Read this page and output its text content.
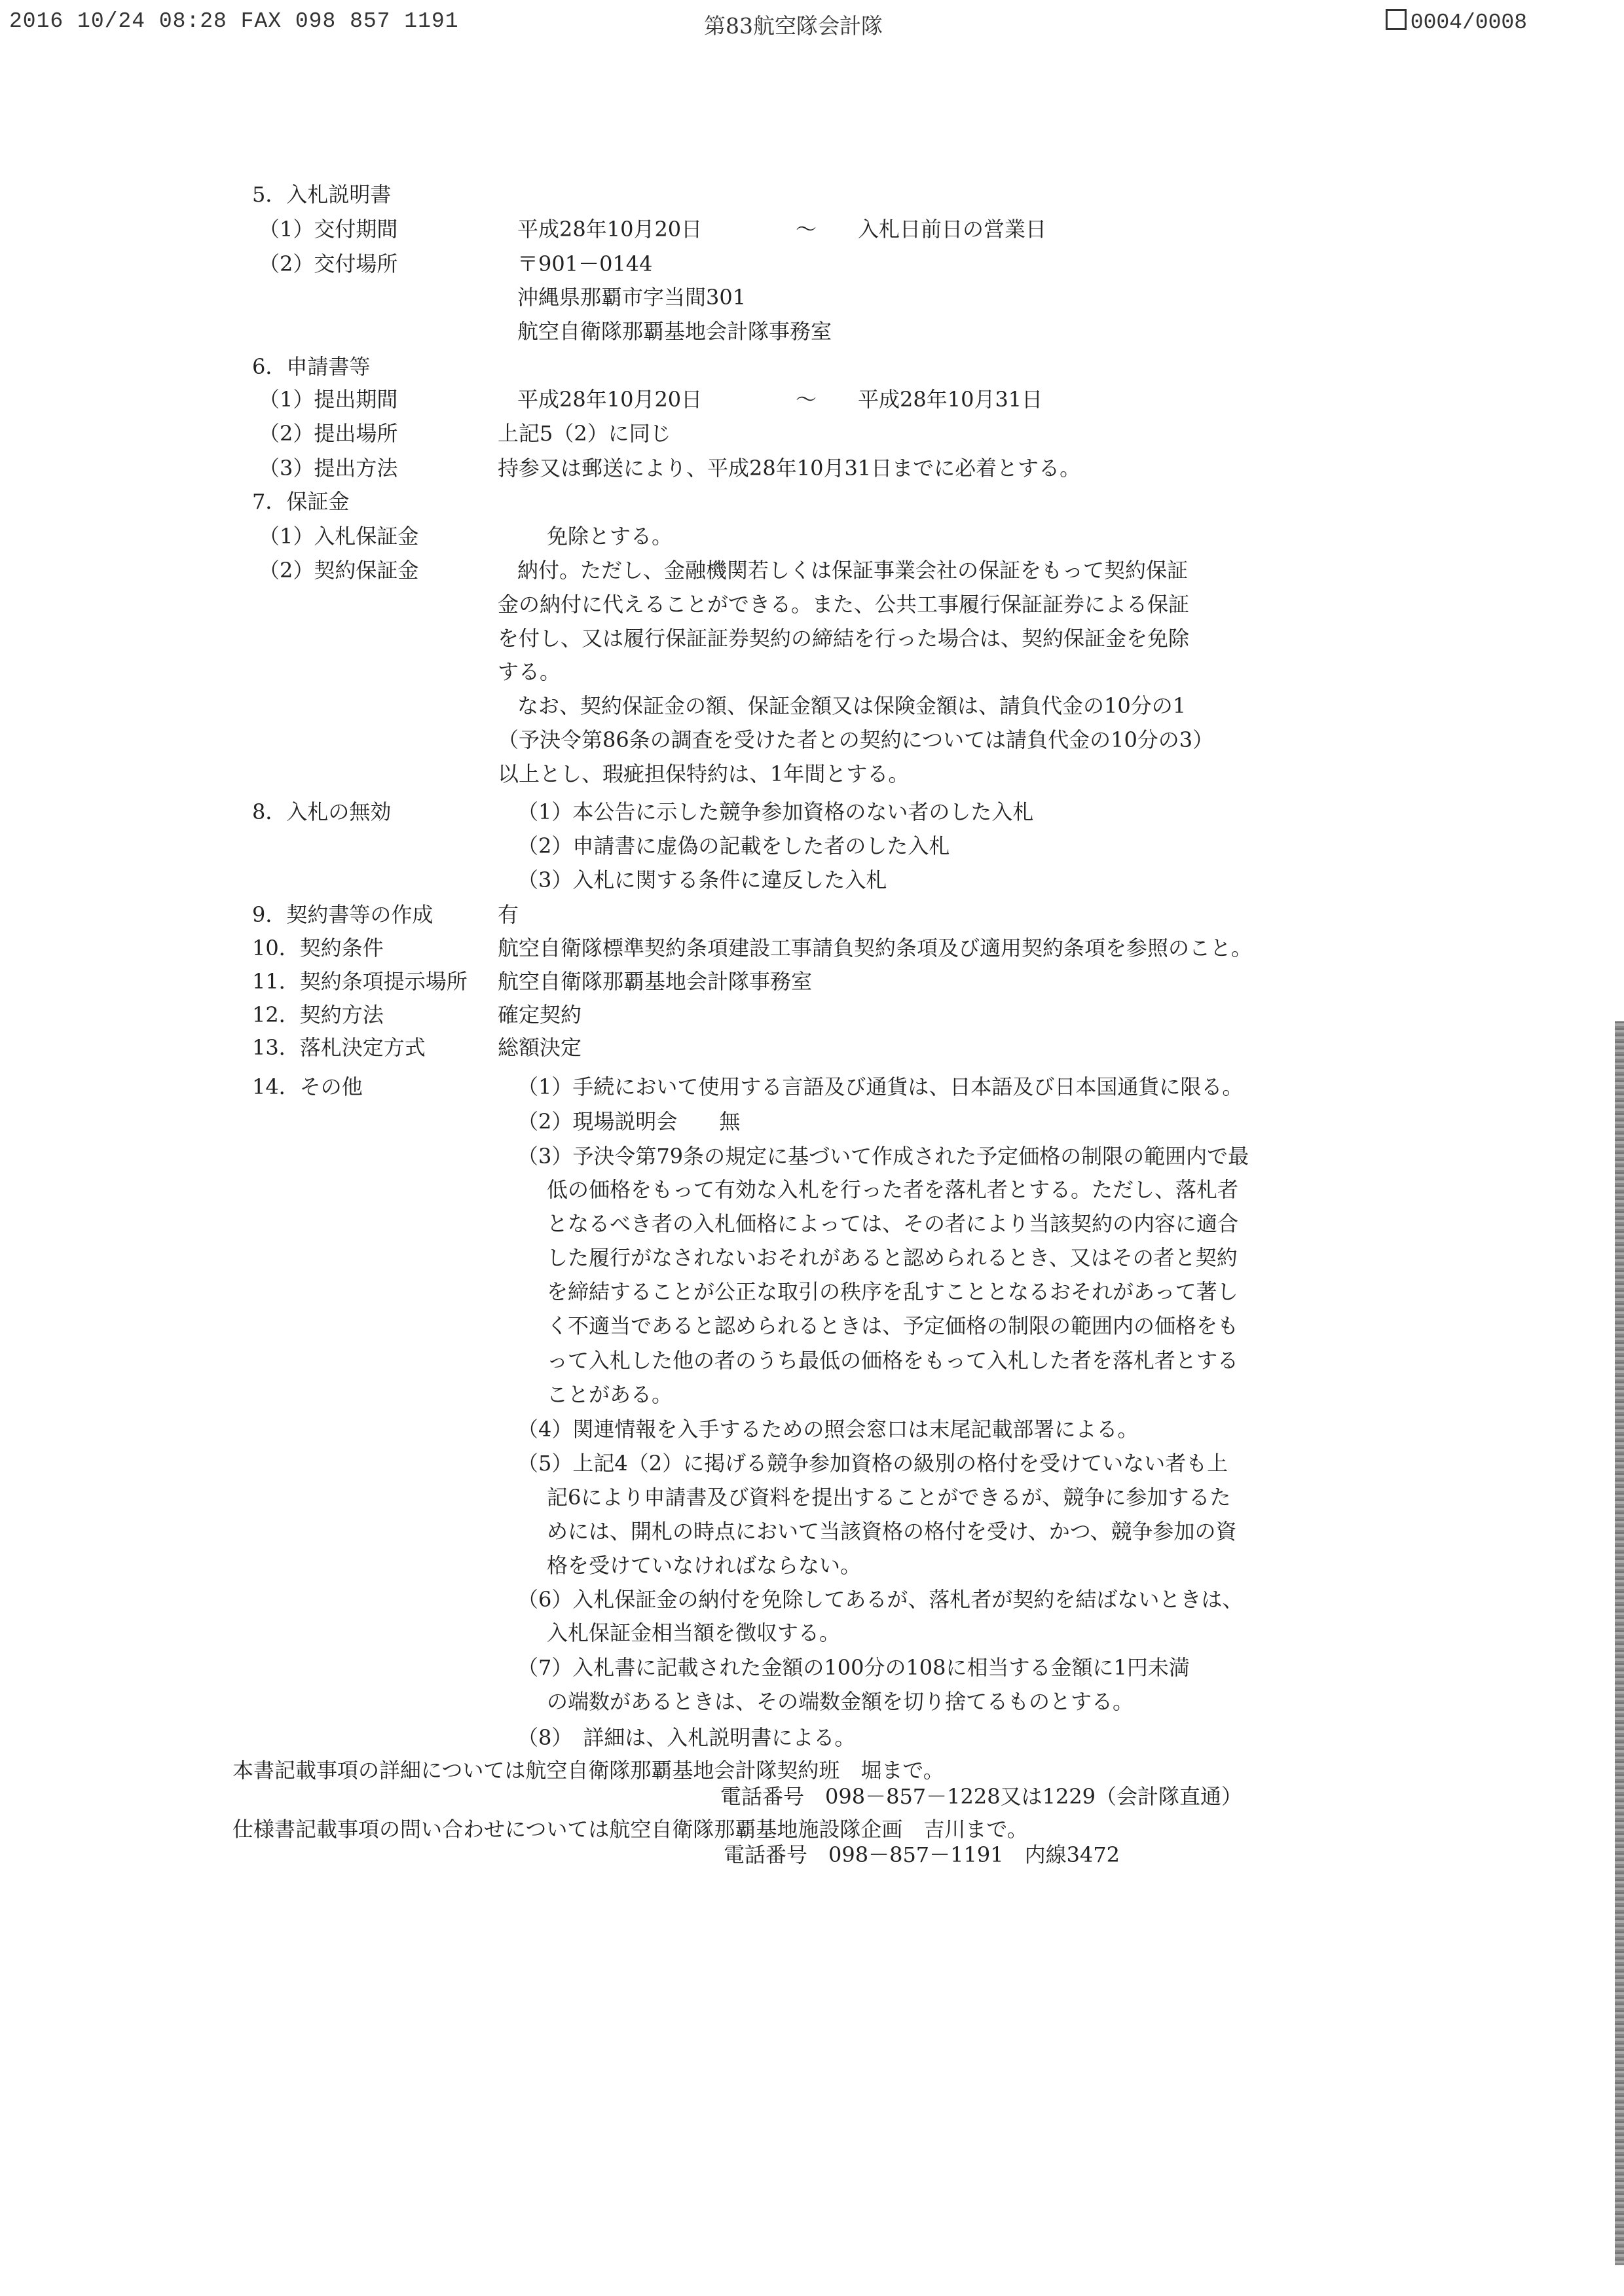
2016 10/24 08:28 FAX 098 857 1191	第83航空隊会計隊	0004/0008
5．入札説明書
（1）交付期間	平成28年10月20日	～ 入札日前日の営業日
（2）交付場所	〒901－0144
沖縄県那覇市字当間301
航空自衛隊那覇基地会計隊事務室
6．申請書等
（1）提出期間	平成28年10月20日	～ 平成28年10月31日
（2）提出場所	上記5（2）に同じ
（3）提出方法	持参又は郵送により、平成28年10月31日までに必着とする。
7．保証金
（1）入札保証金	免除とする。
（2）契約保証金	納付。ただし、金融機関若しくは保証事業会社の保証をもって契約保証
金の納付に代えることができる。また、公共工事履行保証証券による保証
を付し、又は履行保証証券契約の締結を行った場合は、契約保証金を免除
する。
なお、契約保証金の額、保証金額又は保険金額は、請負代金の10分の1
（予決令第86条の調査を受けた者との契約については請負代金の10分の3）
以上とし、瑕疵担保特約は、1年間とする。
8．入札の無効	（1）本公告に示した競争参加資格のない者のした入札
（2）申請書に虚偽の記載をした者のした入札
（3）入札に関する条件に違反した入札
9．契約書等の作成	有
10．契約条件	航空自衛隊標準契約条項建設工事請負契約条項及び適用契約条項を参照のこと。
11．契約条項提示場所 航空自衛隊那覇基地会計隊事務室
12．契約方法	確定契約
13．落札決定方式	総額決定
14．その他	（1）手続において使用する言語及び通貨は、日本語及び日本国通貨に限る。
（2）現場説明会　　無
（3）予決令第79条の規定に基づいて作成された予定価格の制限の範囲内で最
低の価格をもって有効な入札を行った者を落札者とする。ただし、落札者
となるべき者の入札価格によっては、その者により当該契約の内容に適合
した履行がなされないおそれがあると認められるとき、又はその者と契約
を締結することが公正な取引の秩序を乱すこととなるおそれがあって著し
く不適当であると認められるときは、予定価格の制限の範囲内の価格をも
って入札した他の者のうち最低の価格をもって入札した者を落札者とする
ことがある。
（4）関連情報を入手するための照会窓口は末尾記載部署による。
（5）上記4（2）に掲げる競争参加資格の級別の格付を受けていない者も上
記6により申請書及び資料を提出することができるが、競争に参加するた
めには、開札の時点において当該資格の格付を受け、かつ、競争参加の資
格を受けていなければならない。
（6）入札保証金の納付を免除してあるが、落札者が契約を結ばないときは、
入札保証金相当額を徴収する。
（7）入札書に記載された金額の100分の108に相当する金額に1円未満
の端数があるときは、その端数金額を切り捨てるものとする。
（8）　詳細は、入札説明書による。
本書記載事項の詳細については航空自衛隊那覇基地会計隊契約班　堀まで。
電話番号　098－857－1228又は1229（会計隊直通）
仕様書記載事項の問い合わせについては航空自衛隊那覇基地施設隊企画　吉川まで。
電話番号　098－857－1191　内線3472
